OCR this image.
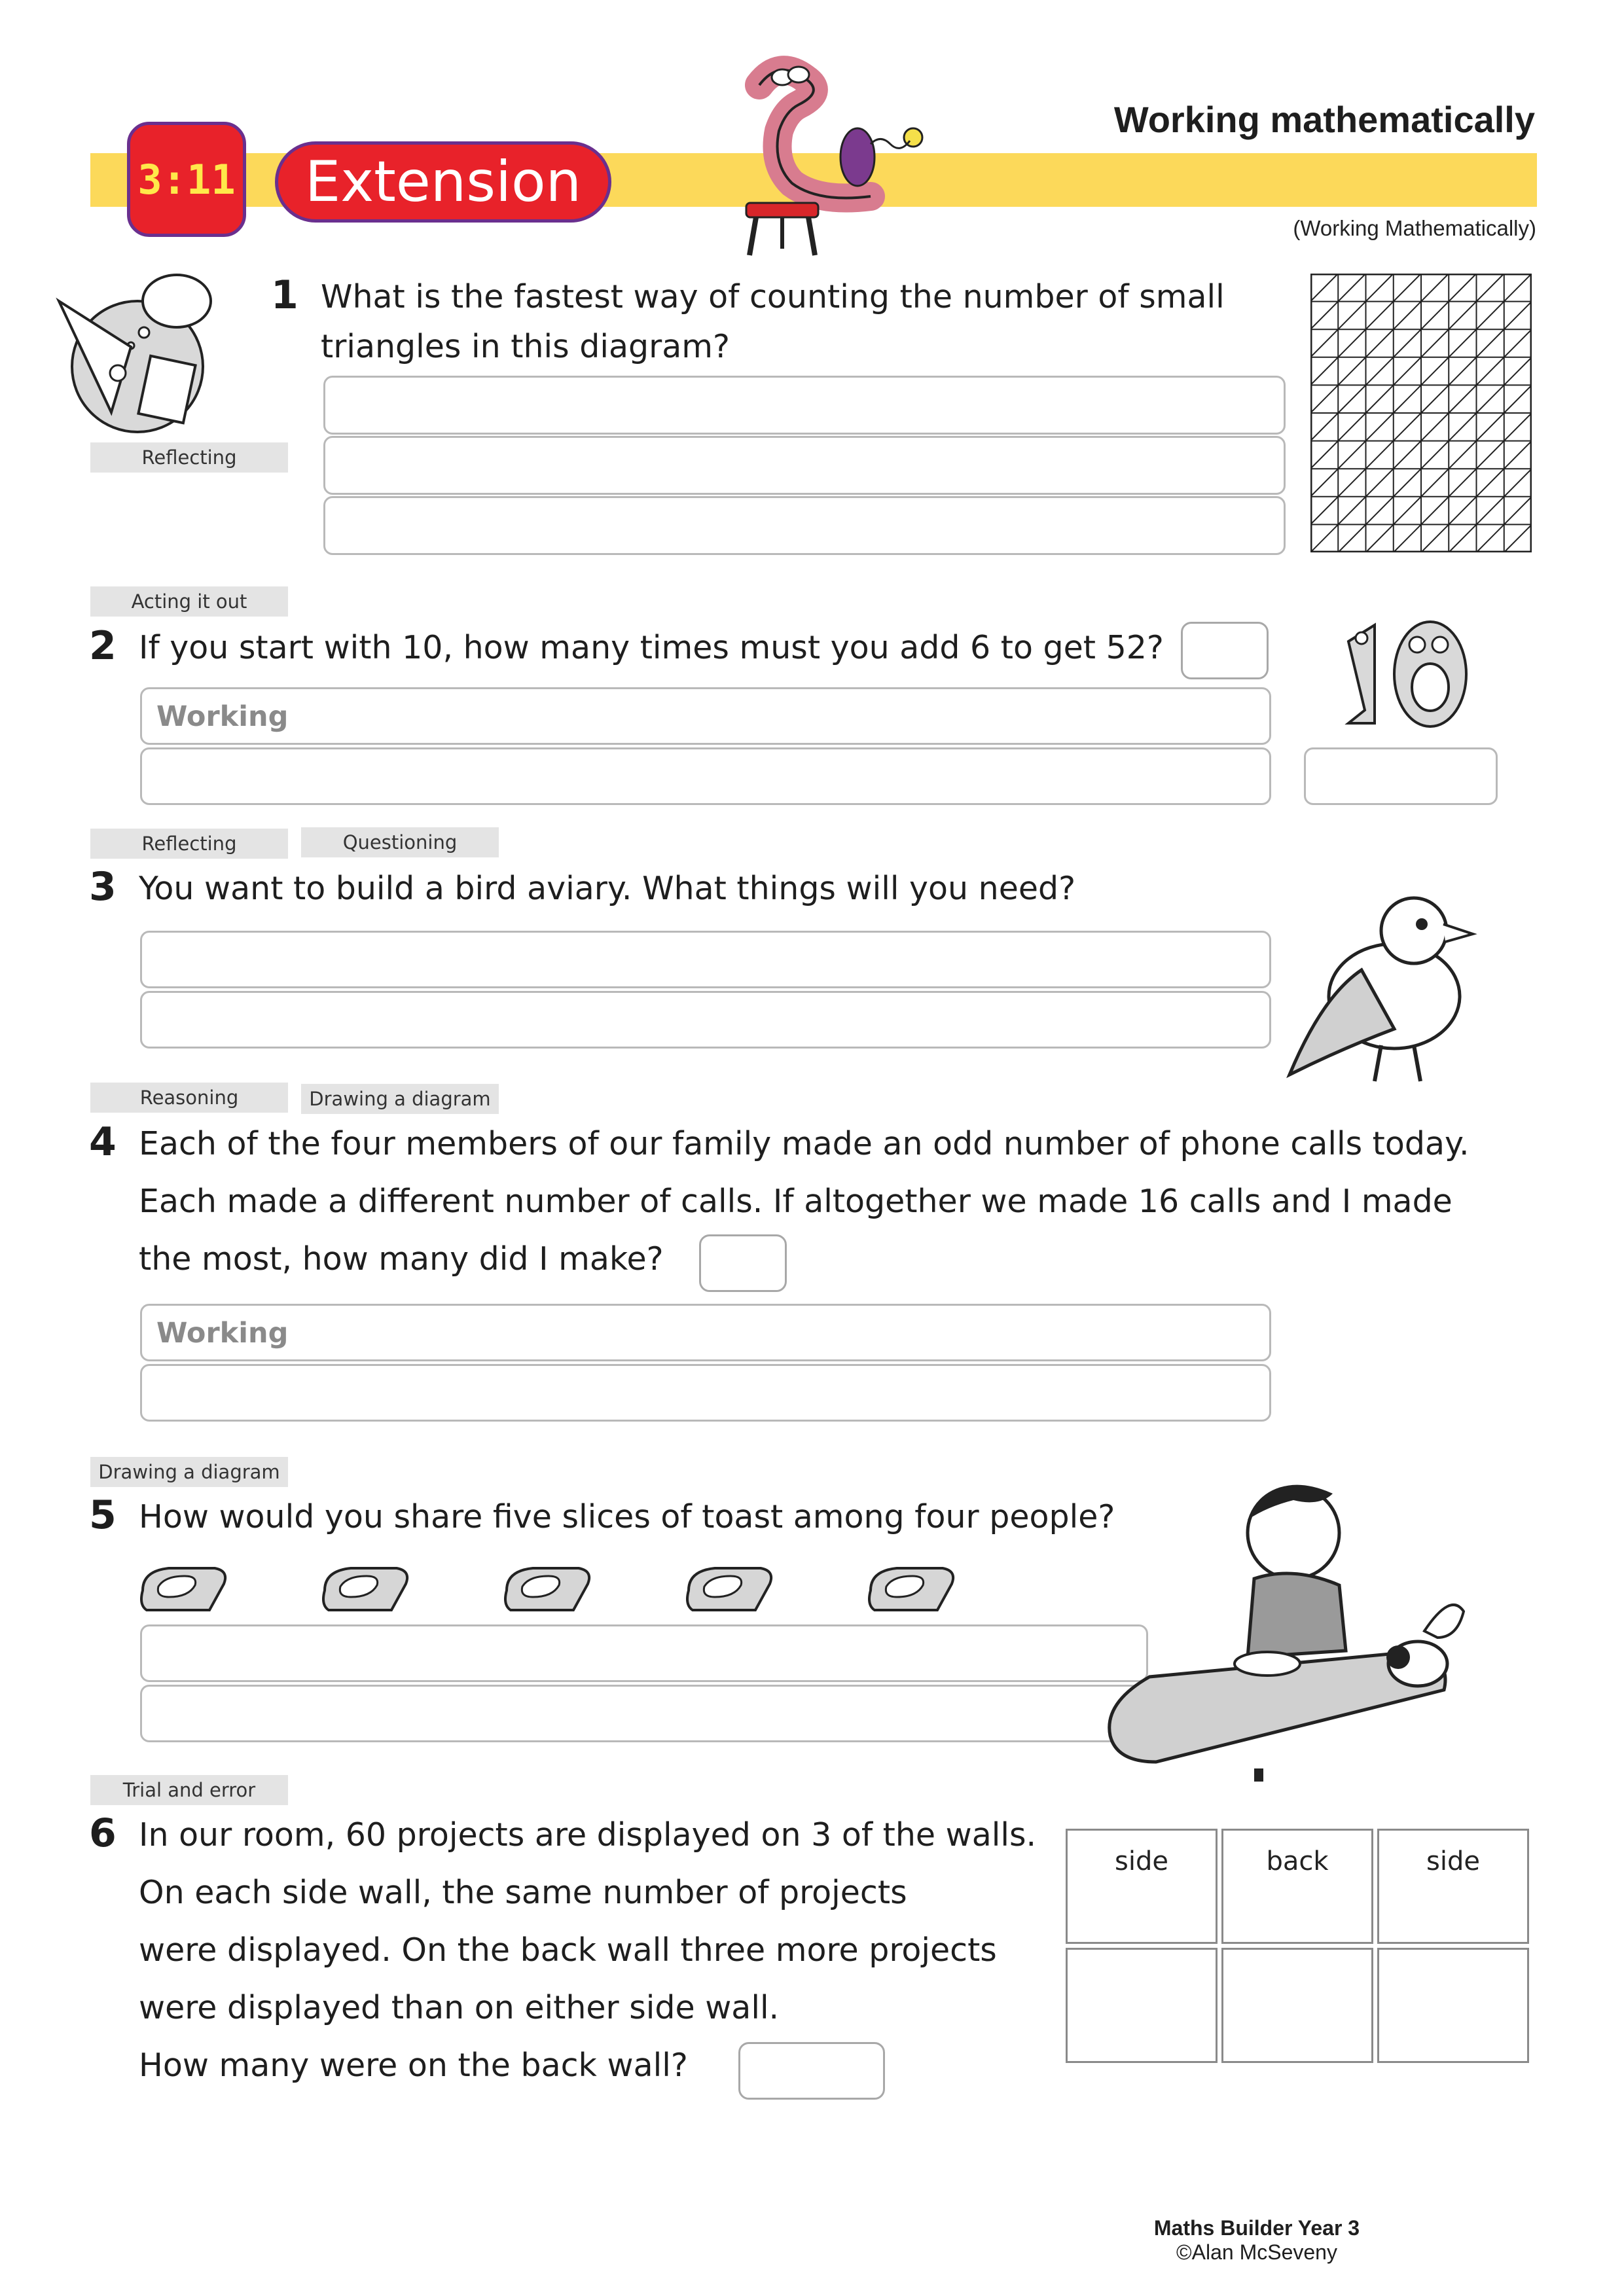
3:11	Extension
Working mathematically
(Working Mathematically)
Reflecting
1 What is the fastest way of counting the number of small
triangles in this diagram?
Acting it out
2 If you start with 10, how many times must you add 6 to get 52?
Working
Reflecting	Questioning
3 You want to build a bird aviary. What things will you need?
Reasoning	Drawing a diagram
4 Each of the four members of our family made an odd number of phone calls today.
Each made a different number of calls. If altogether we made 16 calls and I made
the most, how many did I make?
Working
Drawing a diagram
5 How would you share five slices of toast among four people?
Trial and error
6 In our room, 60 projects are displayed on 3 of the walls.
On each side wall, the same number of projects
were displayed. On the back wall three more projects
were displayed than on either side wall.
How many were on the back wall?
side	back	side
Maths Builder Year 3
©Alan McSeveny
